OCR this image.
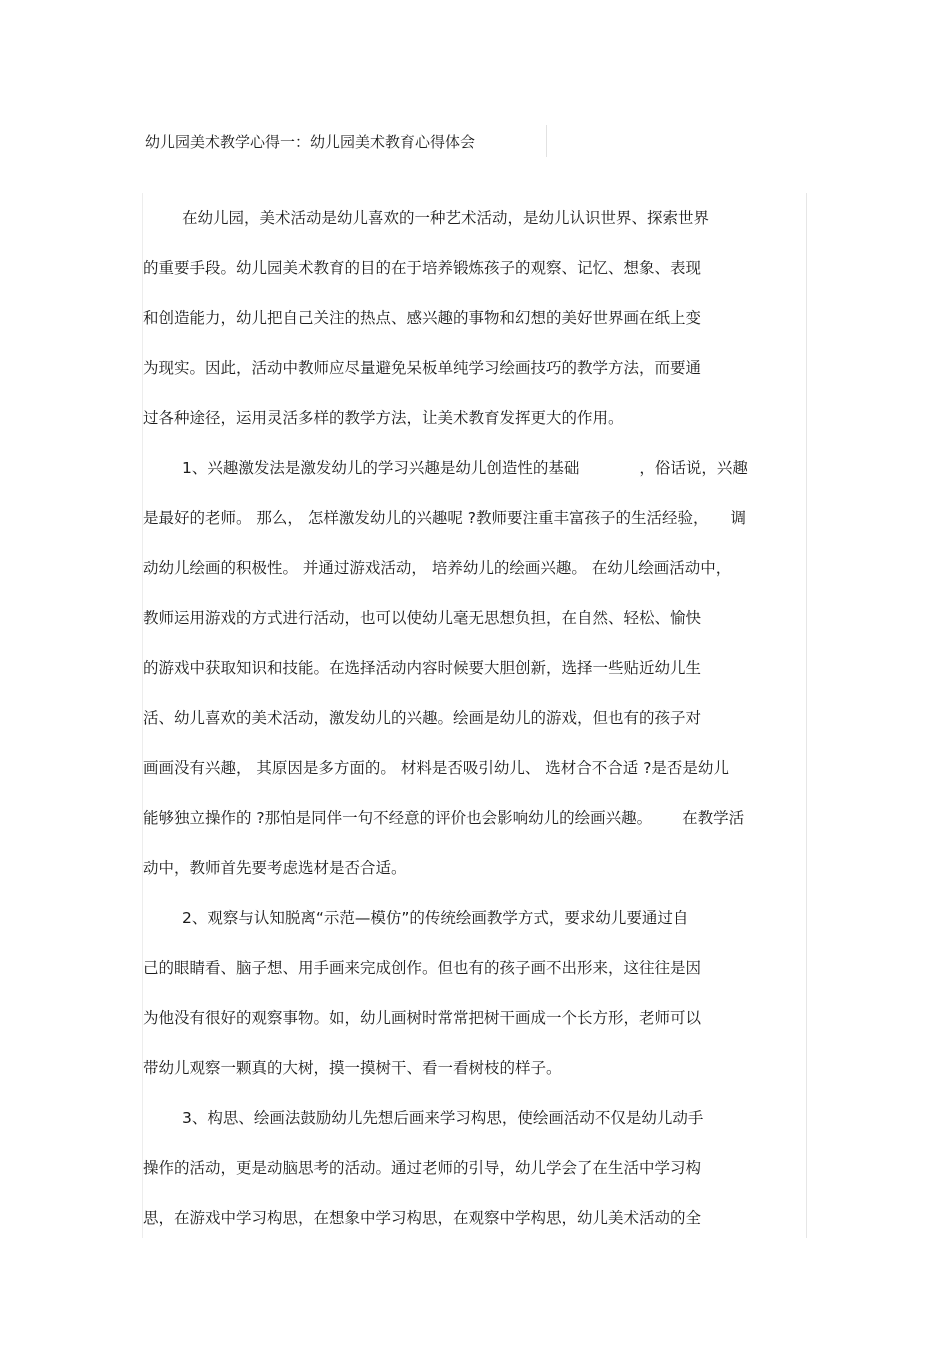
幼儿园美术教学心得一：幼儿园美术教育心得体会
在幼儿园，美术活动是幼儿喜欢的一种艺术活动，是幼儿认识世界、探索世界
的重要手段。幼儿园美术教育的目的在于培养锻炼孩子的观察、记忆、想象、表现
和创造能力，幼儿把自己关注的热点、感兴趣的事物和幻想的美好世界画在纸上变
为现实。因此，活动中教师应尽量避免呆板单纯学习绘画技巧的教学方法，而要通
过各种途径，运用灵活多样的教学方法，让美术教育发挥更大的作用。
1、兴趣激发法是激发幼儿的学习兴趣是幼儿创造性的基础	，俗话说，兴趣
是最好的老师。 那么， 怎样激发幼儿的兴趣呢 ?教师要注重丰富孩子的生活经验， 调
动幼儿绘画的积极性。 并通过游戏活动， 培养幼儿的绘画兴趣。 在幼儿绘画活动中，
教师运用游戏的方式进行活动，也可以使幼儿毫无思想负担，在自然、轻松、愉快
的游戏中获取知识和技能。在选择活动内容时候要大胆创新，选择一些贴近幼儿生
活、幼儿喜欢的美术活动，激发幼儿的兴趣。绘画是幼儿的游戏，但也有的孩子对
画画没有兴趣， 其原因是多方面的。 材料是否吸引幼儿、 选材合不合适 ?是否是幼儿
能够独立操作的 ?那怕是同伴一句不经意的评价也会影响幼儿的绘画兴趣。 在教学活
动中，教师首先要考虑选材是否合适。
2、观察与认知脱离“示范—模仿”的传统绘画教学方式，要求幼儿要通过自
己的眼睛看、脑子想、用手画来完成创作。但也有的孩子画不出形来，这往往是因
为他没有很好的观察事物。如，幼儿画树时常常把树干画成一个长方形，老师可以
带幼儿观察一颗真的大树，摸一摸树干、看一看树枝的样子。
3、构思、绘画法鼓励幼儿先想后画来学习构思，使绘画活动不仅是幼儿动手
操作的活动，更是动脑思考的活动。通过老师的引导，幼儿学会了在生活中学习构
思，在游戏中学习构思，在想象中学习构思，在观察中学构思，幼儿美术活动的全
